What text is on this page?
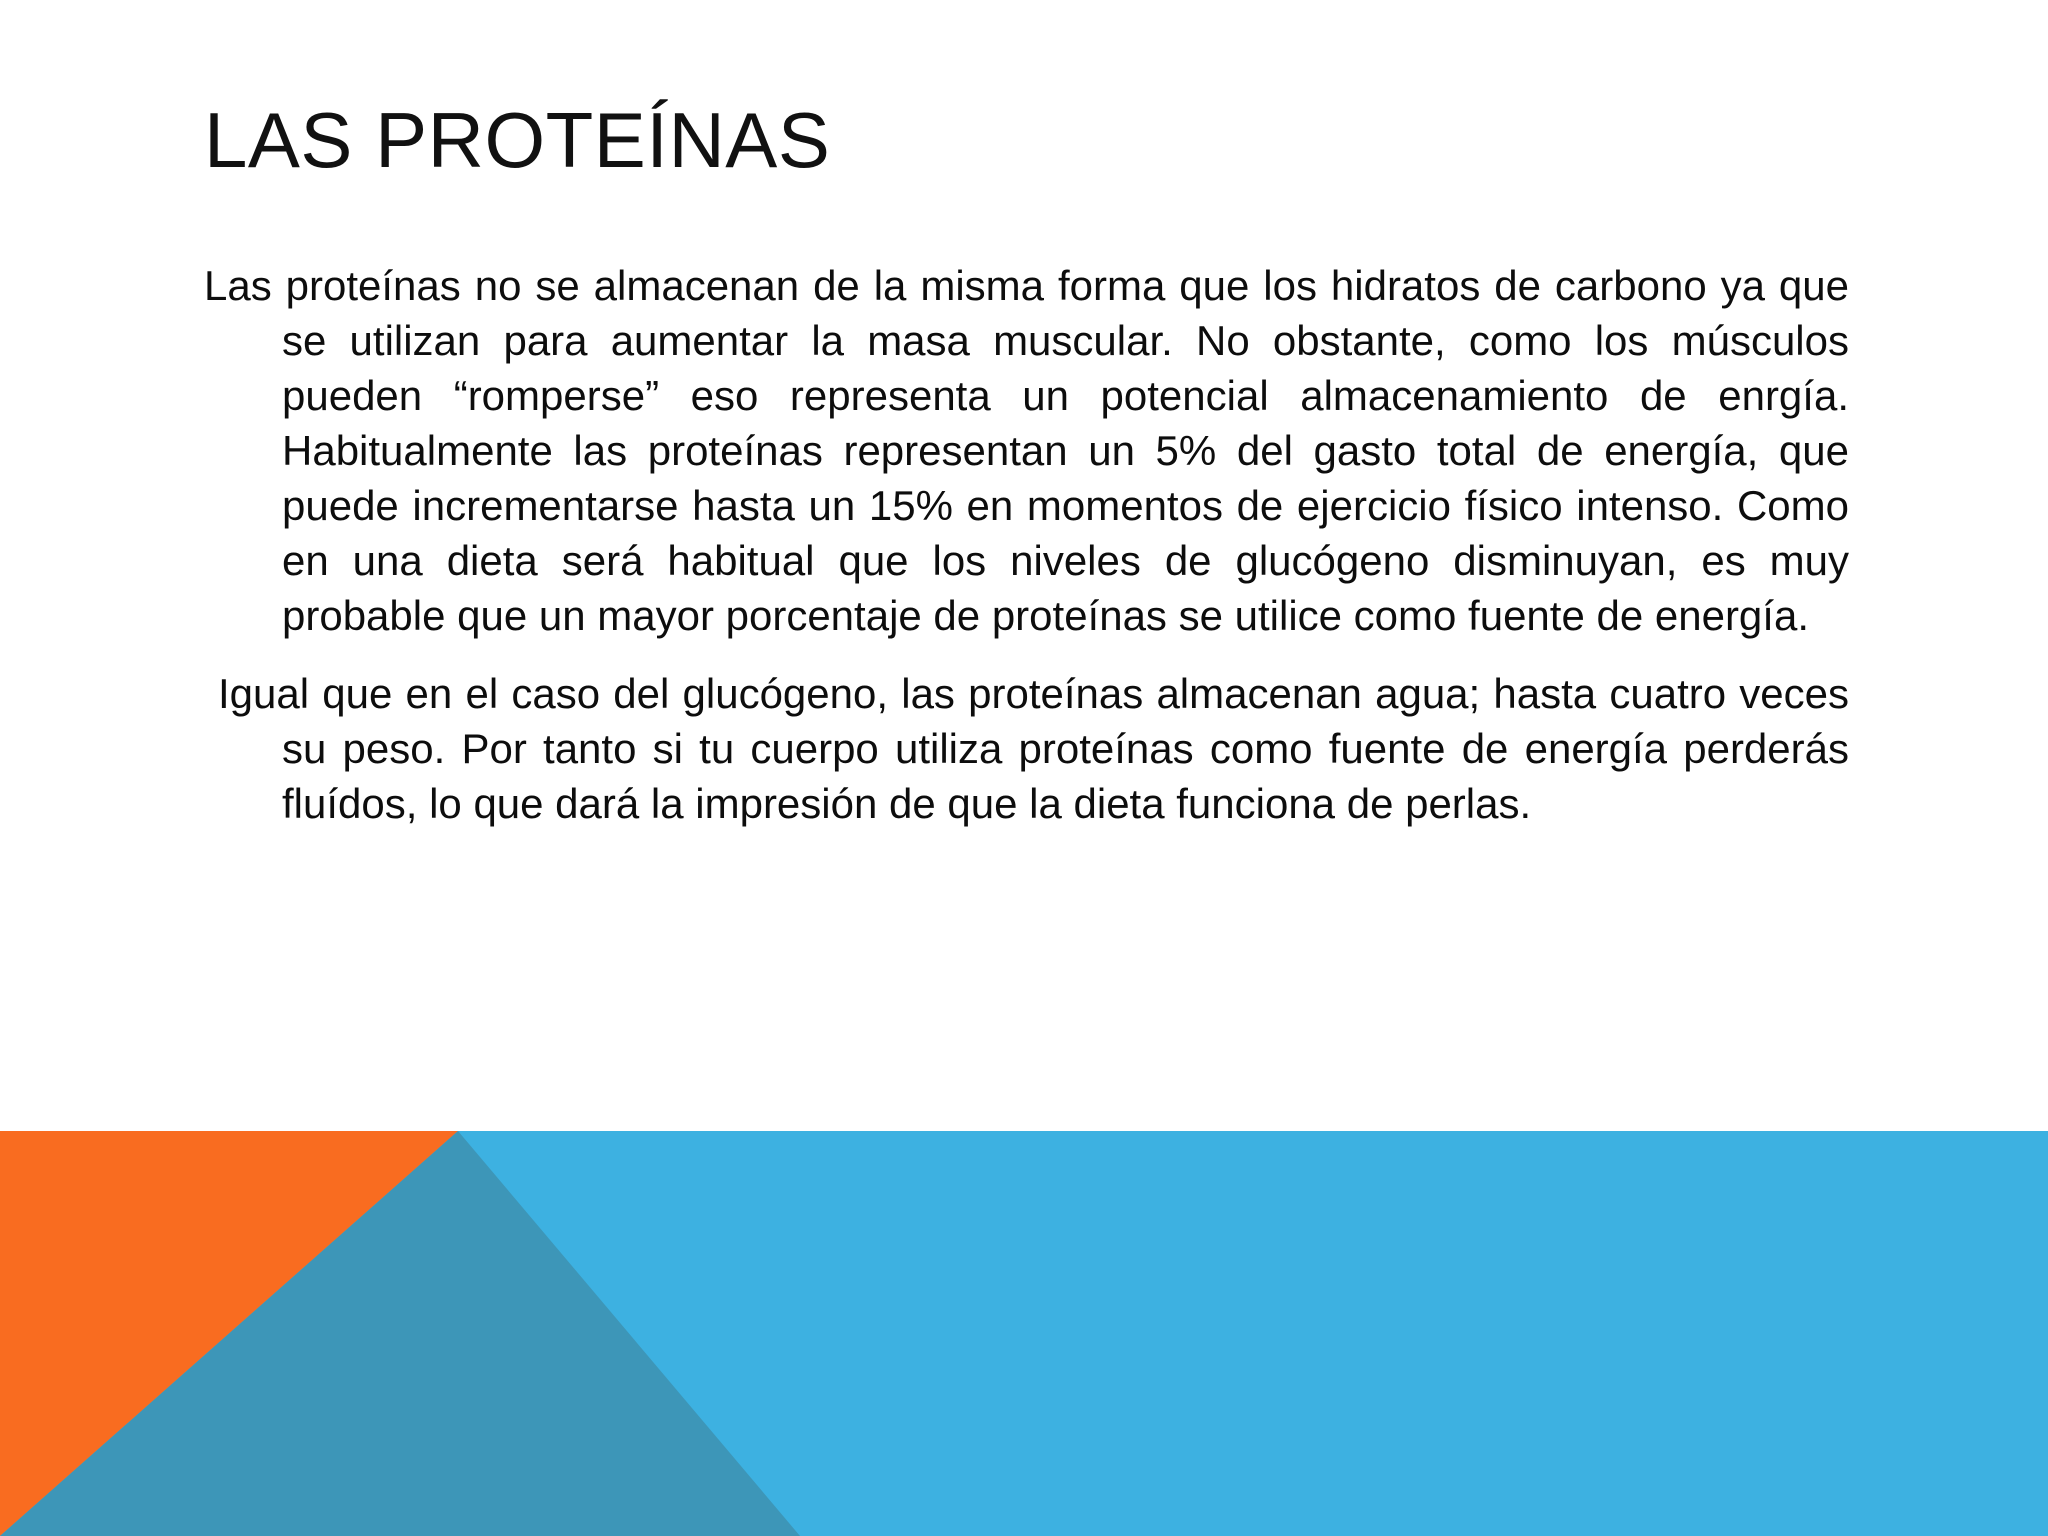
LAS PROTEÍNAS

Las proteínas no se almacenan de la misma forma que los hidratos de carbono ya que se utilizan para aumentar la masa muscular. No obstante, como los músculos pueden “romperse” eso representa un potencial almacenamiento de enrgía. Habitualmente las proteínas representan un 5% del gasto total de energía, que puede incrementarse hasta un 15% en momentos de ejercicio físico intenso. Como en una dieta será habitual que los niveles de glucógeno disminuyan, es muy probable que un mayor porcentaje de proteínas se utilice como fuente de energía.

Igual que en el caso del glucógeno, las proteínas almacenan agua; hasta cuatro veces su peso. Por tanto si tu cuerpo utiliza proteínas como fuente de energía perderás fluídos, lo que dará la impresión de que la dieta funciona de perlas.
